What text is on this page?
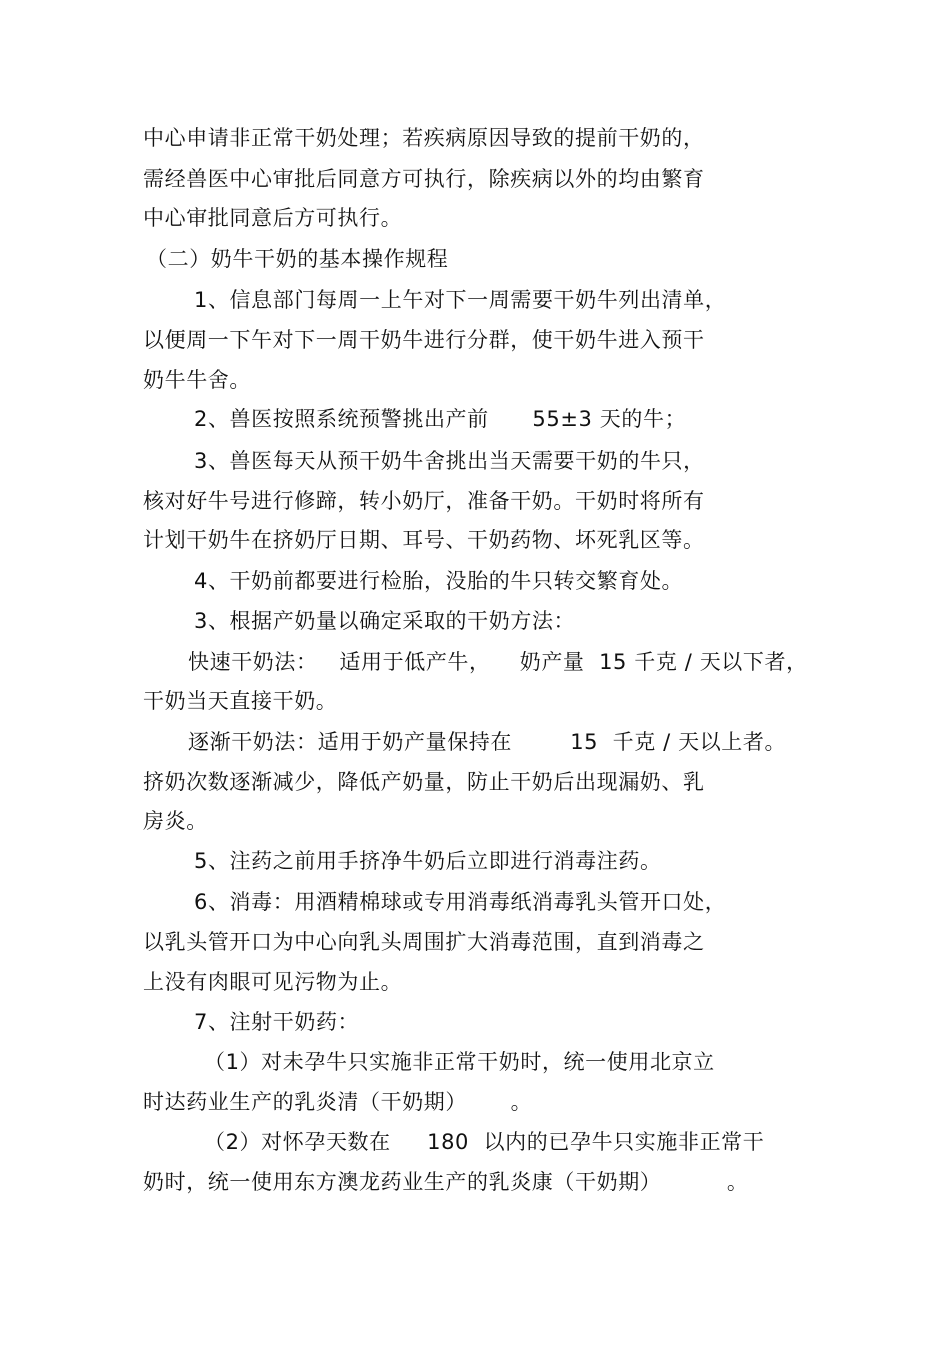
中心申请非正常干奶处理；若疾病原因导致的提前干奶的，
需经兽医中心审批后同意方可执行，除疾病以外的均由繁育
中心审批同意后方可执行。
（二）奶牛干奶的基本操作规程
1、信息部门每周一上午对下一周需要干奶牛列出清单，
以便周一下午对下一周干奶牛进行分群，使干奶牛进入预干
奶牛牛舍。
2、兽医按照系统预警挑出产前      55±3 天的牛；
3、兽医每天从预干奶牛舍挑出当天需要干奶的牛只，
核对好牛号进行修蹄，转小奶厅，准备干奶。干奶时将所有
计划干奶牛在挤奶厅日期、耳号、干奶药物、坏死乳区等。
4、干奶前都要进行检胎，没胎的牛只转交繁育处。
3、根据产奶量以确定采取的干奶方法：
快速干奶法：   适用于低产牛，    奶产量  15 千克 / 天以下者，
干奶当天直接干奶。
逐渐干奶法：适用于奶产量保持在        15  千克 / 天以上者。
挤奶次数逐渐减少，降低产奶量，防止干奶后出现漏奶、乳
房炎。
5、注药之前用手挤净牛奶后立即进行消毒注药。
6、消毒：用酒精棉球或专用消毒纸消毒乳头管开口处，
以乳头管开口为中心向乳头周围扩大消毒范围，直到消毒之
上没有肉眼可见污物为止。
7、注射干奶药：
（1）对未孕牛只实施非正常干奶时，统一使用北京立
时达药业生产的乳炎清（干奶期）      。
（2）对怀孕天数在     180  以内的已孕牛只实施非正常干
奶时，统一使用东方澳龙药业生产的乳炎康（干奶期）         。
